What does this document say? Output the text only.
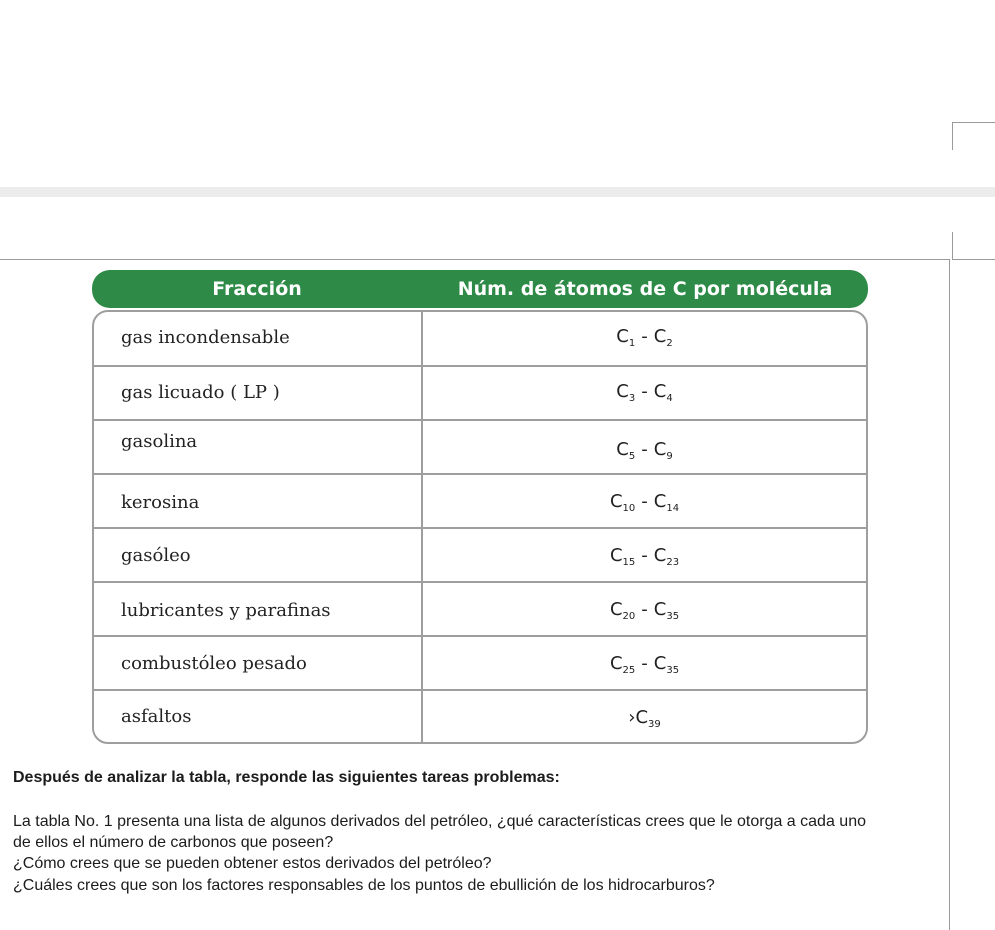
Fracción	Núm. de átomos de C por molécula
gas incondensable	$C_1 - C_2$
gas licuado ( LP )	$C_3 - C_4$
gasolina	$C_5 - C_9$
kerosina	$C_{10} - C_{14}$
gasóleo	$C_{15} - C_{23}$
lubricantes y parafinas	$C_{20} - C_{35}$
combustóleo pesado	$C_{25} - C_{35}$
asfaltos	$›C_{39}$
Después de analizar la tabla, responde las siguientes tareas problemas:
La tabla No. 1 presenta una lista de algunos derivados del petróleo, ¿qué características crees que le otorga a cada uno
de ellos el número de carbonos que poseen?
¿Cómo crees que se pueden obtener estos derivados del petróleo?
¿Cuáles crees que son los factores responsables de los puntos de ebullición de los hidrocarburos?
